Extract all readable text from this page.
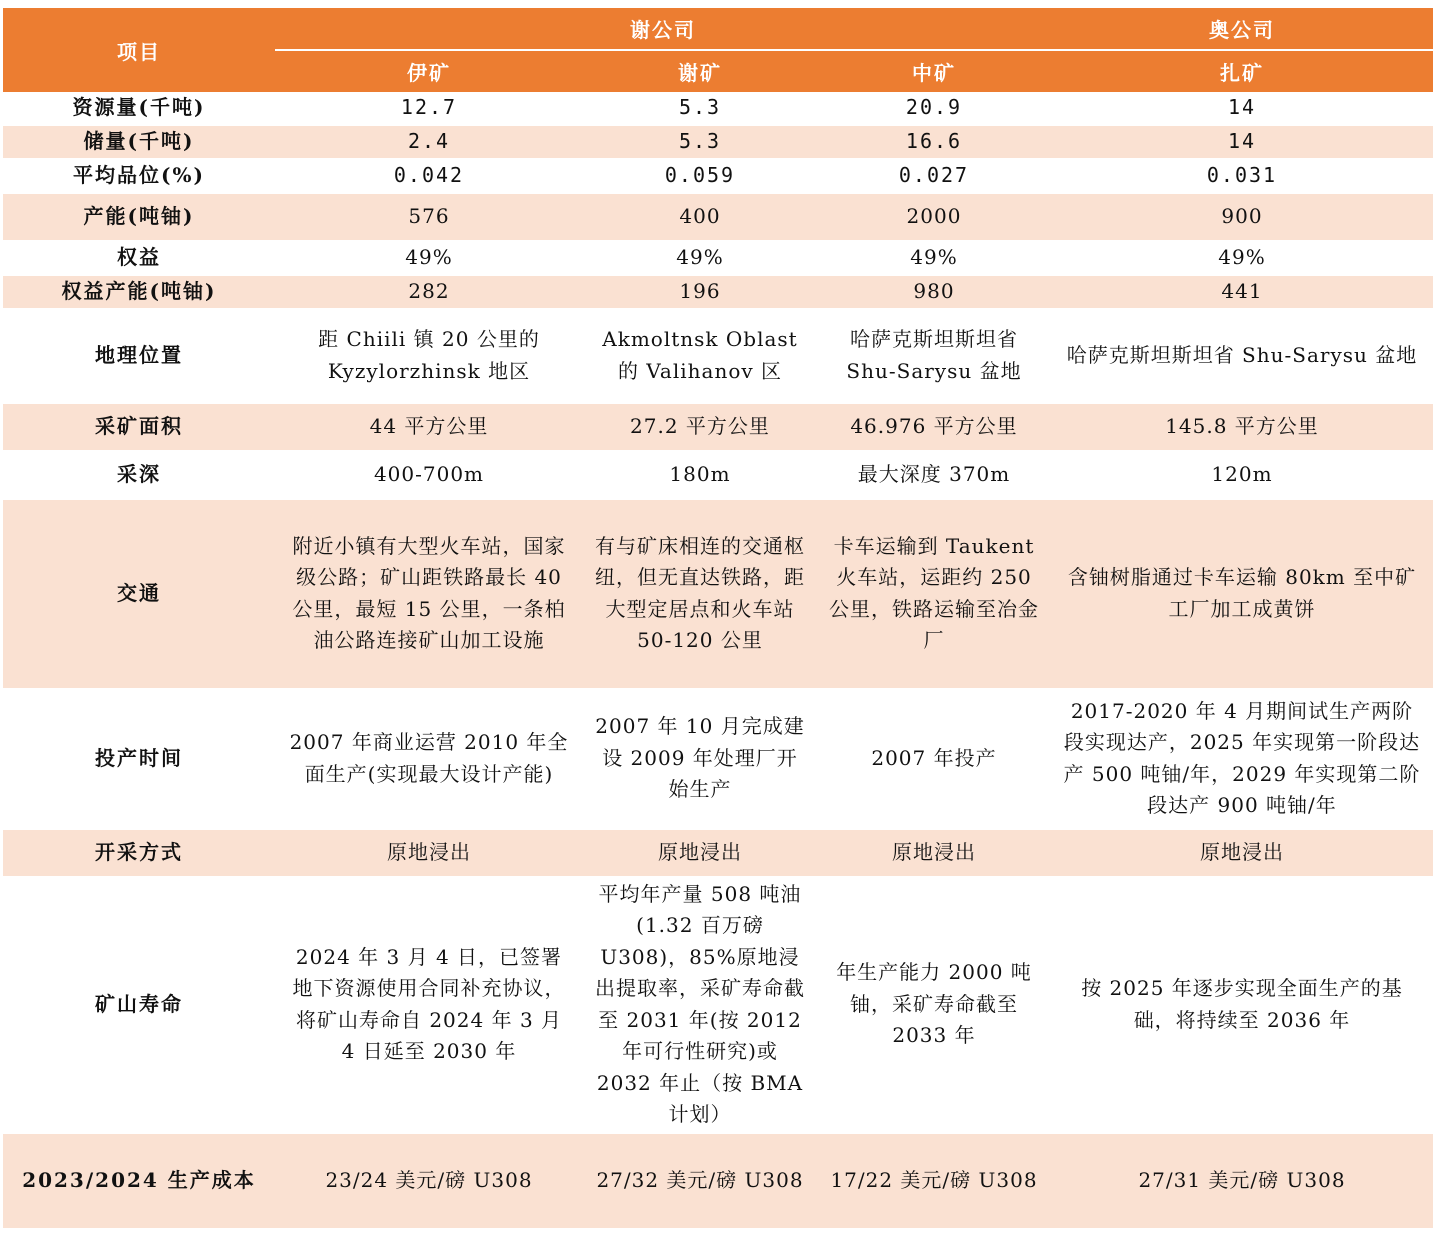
项目	谢公司			奥公司
	伊矿	谢矿	中矿	扎矿
资源量(千吨)	12.7	5.3	20.9	14
储量(千吨)	2.4	5.3	16.6	14
平均品位(%)	0.042	0.059	0.027	0.031
产能(吨铀)	576	400	2000	900
权益	49%	49%	49%	49%
权益产能(吨铀)	282	196	980	441
地理位置	距 Chiili 镇 20 公里的 Kyzylorzhinsk 地区	Akmoltnsk Oblast 的 Valihanov 区	哈萨克斯坦斯坦省 Shu-Sarysu 盆地	哈萨克斯坦斯坦省 Shu-Sarysu 盆地
采矿面积	44 平方公里	27.2 平方公里	46.976 平方公里	145.8 平方公里
采深	400-700m	180m	最大深度 370m	120m
交通	附近小镇有大型火车站，国家级公路；矿山距铁路最长 40 公里，最短 15 公里，一条柏油公路连接矿山加工设施	有与矿床相连的交通枢纽，但无直达铁路，距大型定居点和火车站 50-120 公里	卡车运输到 Taukent 火车站，运距约 250 公里，铁路运输至冶金厂	含铀树脂通过卡车运输 80km 至中矿工厂加工成黄饼
投产时间	2007 年商业运营 2010 年全面生产(实现最大设计产能)	2007 年 10 月完成建设 2009 年处理厂开始生产	2007 年投产	2017-2020 年 4 月期间试生产两阶段实现达产，2025 年实现第一阶段达产 500 吨铀/年，2029 年实现第二阶段达产 900 吨铀/年
开采方式	原地浸出	原地浸出	原地浸出	原地浸出
矿山寿命	2024 年 3 月 4 日，已签署地下资源使用合同补充协议，将矿山寿命自 2024 年 3 月 4 日延至 2030 年	平均年产量 508 吨油(1.32 百万磅 U308)，85%原地浸出提取率，采矿寿命截至 2031 年(按 2012 年可行性研究)或 2032 年止（按 BMA 计划）	年生产能力 2000 吨铀，采矿寿命截至 2033 年	按 2025 年逐步实现全面生产的基础，将持续至 2036 年
2023/2024 生产成本	23/24 美元/磅 U308	27/32 美元/磅 U308	17/22 美元/磅 U308	27/31 美元/磅 U308
